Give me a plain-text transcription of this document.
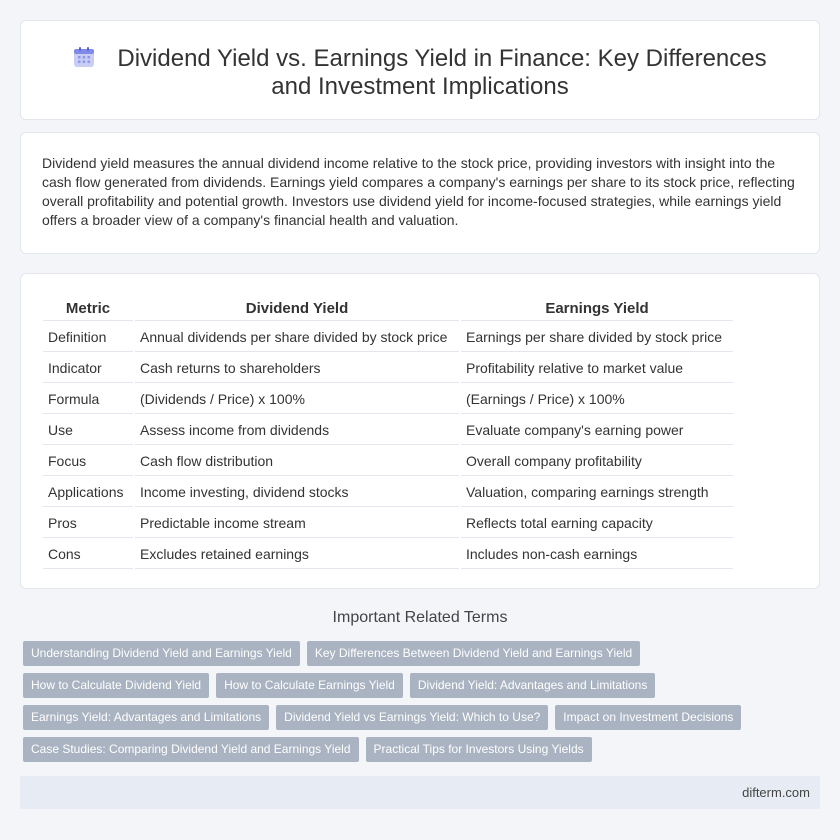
Dividend Yield vs. Earnings Yield in Finance: Key Differences and Investment Implications

Dividend yield measures the annual dividend income relative to the stock price, providing investors with insight into the cash flow generated from dividends. Earnings yield compares a company's earnings per share to its stock price, reflecting overall profitability and potential growth. Investors use dividend yield for income-focused strategies, while earnings yield offers a broader view of a company's financial health and valuation.

Metric	Dividend Yield	Earnings Yield
Definition	Annual dividends per share divided by stock price	Earnings per share divided by stock price
Indicator	Cash returns to shareholders	Profitability relative to market value
Formula	(Dividends / Price) x 100%	(Earnings / Price) x 100%
Use	Assess income from dividends	Evaluate company's earning power
Focus	Cash flow distribution	Overall company profitability
Applications	Income investing, dividend stocks	Valuation, comparing earnings strength
Pros	Predictable income stream	Reflects total earning capacity
Cons	Excludes retained earnings	Includes non-cash earnings
Important Related Terms
Understanding Dividend Yield and Earnings Yield	Key Differences Between Dividend Yield and Earnings Yield
How to Calculate Dividend Yield	How to Calculate Earnings Yield	Dividend Yield: Advantages and Limitations
Earnings Yield: Advantages and Limitations	Dividend Yield vs Earnings Yield: Which to Use?	Impact on Investment Decisions
Case Studies: Comparing Dividend Yield and Earnings Yield	Practical Tips for Investors Using Yields
difterm.com
